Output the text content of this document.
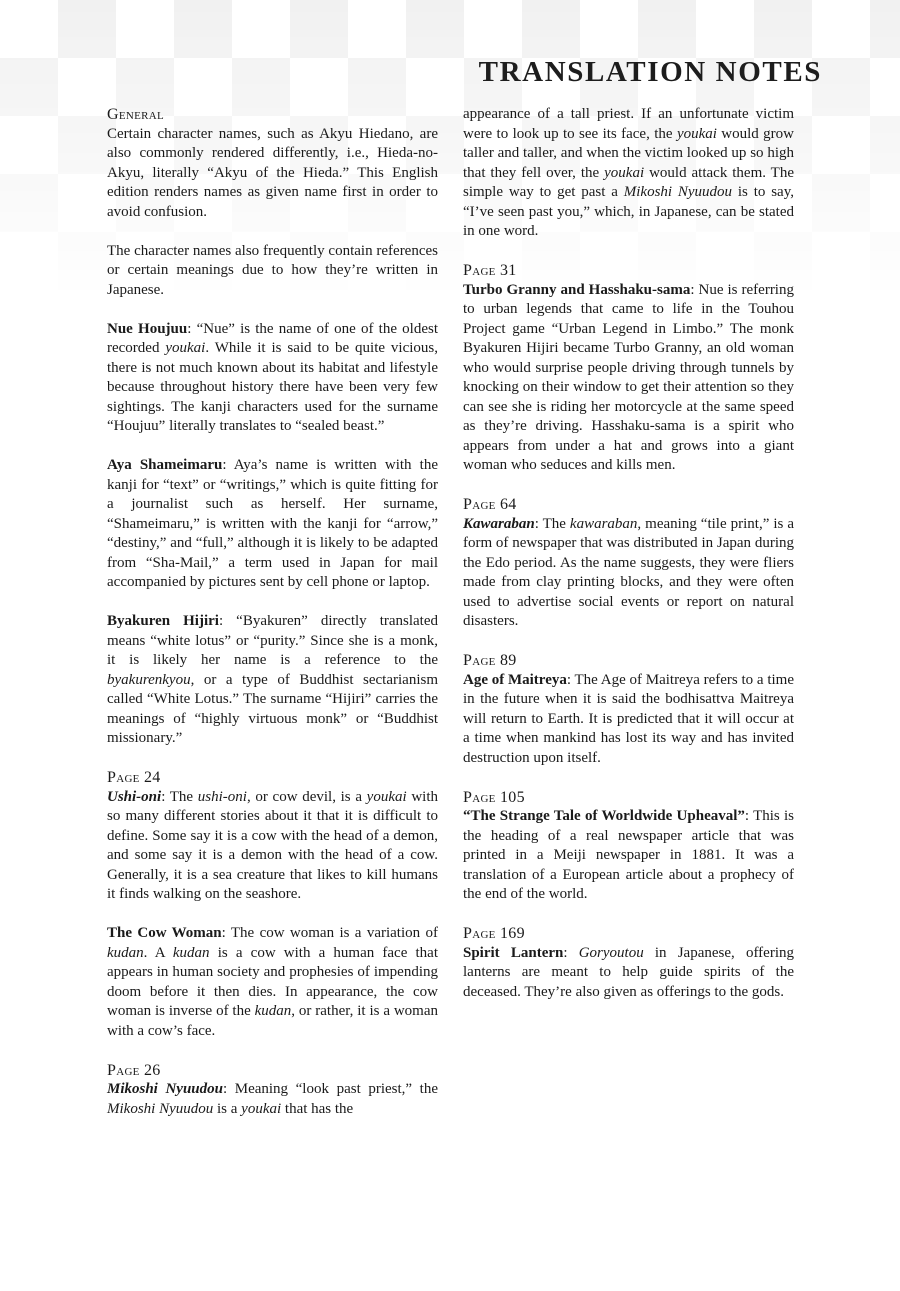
TRANSLATION NOTES
General

Certain character names, such as Akyu Hiedano, are also commonly rendered differently, i.e., Hieda-no-Akyu, literally “Akyu of the Hieda.” This English edition renders names as given name first in order to avoid confusion.

The character names also frequently contain references or certain meanings due to how they’re written in Japanese.

Nue Houjuu: “Nue” is the name of one of the oldest recorded youkai. While it is said to be quite vicious, there is not much known about its habitat and lifestyle because throughout history there have been very few sightings. The kanji characters used for the surname “Houjuu” literally translates to “sealed beast.”

Aya Shameimaru: Aya’s name is written with the kanji for “text” or “writings,” which is quite fitting for a journalist such as herself. Her surname, “Shameimaru,” is written with the kanji for “arrow,” “destiny,” and “full,” although it is likely to be adapted from “Sha-Mail,” a term used in Japan for mail accompanied by pictures sent by cell phone or laptop.

Byakuren Hijiri: “Byakuren” directly translated means “white lotus” or “purity.” Since she is a monk, it is likely her name is a reference to the byakurenkyou, or a type of Buddhist sectarianism called “White Lotus.” The surname “Hijiri” carries the meanings of “highly virtuous monk” or “Buddhist missionary.”

Page 24

Ushi-oni: The ushi-oni, or cow devil, is a youkai with so many different stories about it that it is difficult to define. Some say it is a cow with the head of a demon, and some say it is a demon with the head of a cow. Generally, it is a sea creature that likes to kill humans it finds walking on the seashore.

The Cow Woman: The cow woman is a variation of kudan. A kudan is a cow with a human face that appears in human society and prophesies of impending doom before it then dies. In appearance, the cow woman is inverse of the kudan, or rather, it is a woman with a cow’s face.

Page 26

Mikoshi Nyuudou: Meaning “look past priest,” the Mikoshi Nyuudou is a youkai that has the

appearance of a tall priest. If an unfortunate victim were to look up to see its face, the youkai would grow taller and taller, and when the victim looked up so high that they fell over, the youkai would attack them. The simple way to get past a Mikoshi Nyuudou is to say, “I’ve seen past you,” which, in Japanese, can be stated in one word.

Page 31

Turbo Granny and Hasshaku-sama: Nue is referring to urban legends that came to life in the Touhou Project game “Urban Legend in Limbo.” The monk Byakuren Hijiri became Turbo Granny, an old woman who would surprise people driving through tunnels by knocking on their window to get their attention so they can see she is riding her motorcycle at the same speed as they’re driving. Hasshaku-sama is a spirit who appears from under a hat and grows into a giant woman who seduces and kills men.

Page 64

Kawaraban: The kawaraban, meaning “tile print,” is a form of newspaper that was distributed in Japan during the Edo period. As the name suggests, they were fliers made from clay printing blocks, and they were often used to advertise social events or report on natural disasters.

Page 89

Age of Maitreya: The Age of Maitreya refers to a time in the future when it is said the bodhisattva Maitreya will return to Earth. It is predicted that it will occur at a time when mankind has lost its way and has invited destruction upon itself.

Page 105

“The Strange Tale of Worldwide Upheaval”: This is the heading of a real newspaper article that was printed in a Meiji newspaper in 1881. It was a translation of a European article about a prophecy of the end of the world.

Page 169

Spirit Lantern: Goryoutou in Japanese, offering lanterns are meant to help guide spirits of the deceased. They’re also given as offerings to the gods.
